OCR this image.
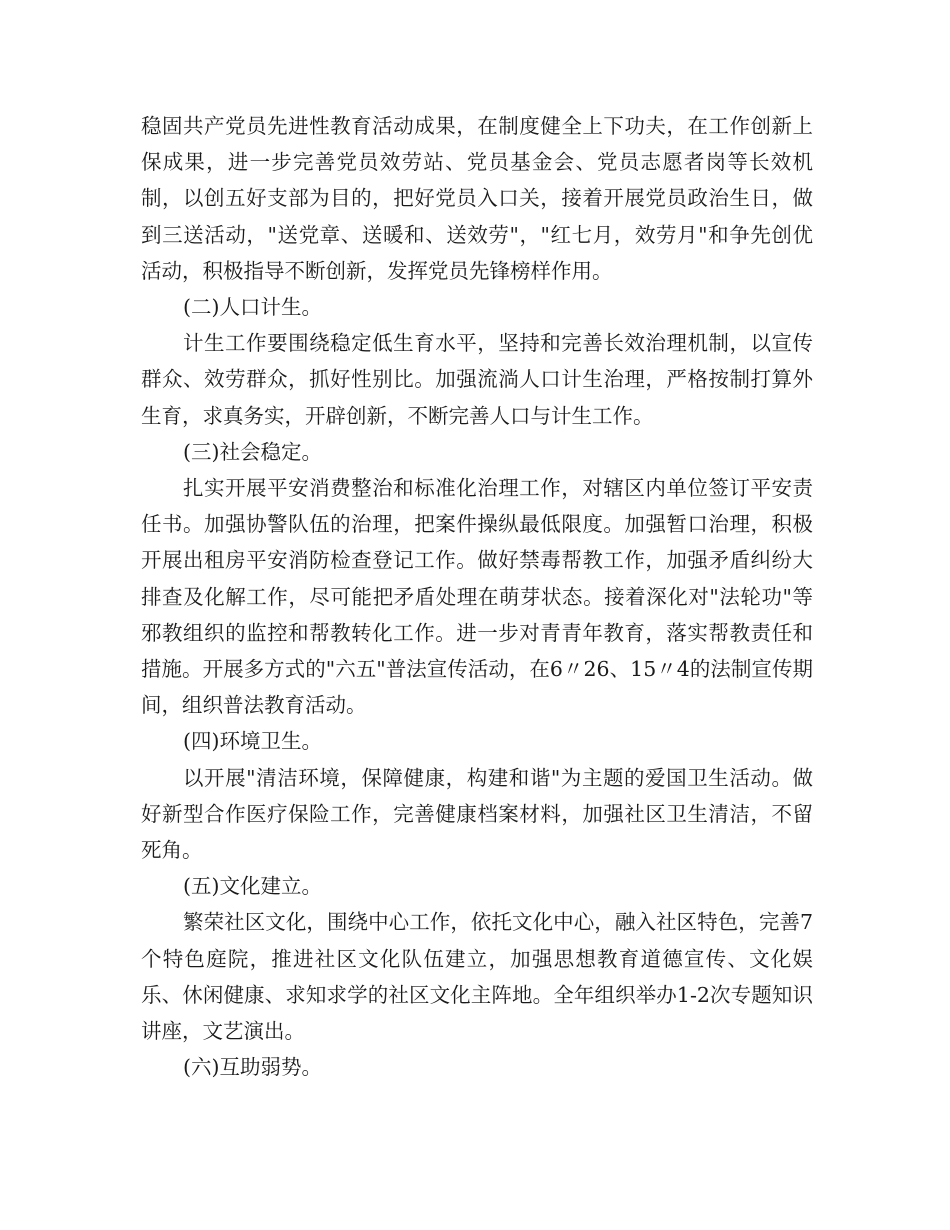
稳固共产党员先进性教育活动成果，在制度健全上下功夫，在工作创新上保成果，进一步完善党员效劳站、党员基金会、党员志愿者岗等长效机制，以创五好支部为目的，把好党员入口关，接着开展党员政治生日，做到三送活动，"送党章、送暖和、送效劳"，"红七月，效劳月"和争先创优活动，积极指导不断创新，发挥党员先锋榜样作用。

(二)人口计生。

计生工作要围绕稳定低生育水平，坚持和完善长效治理机制，以宣传群众、效劳群众，抓好性别比。加强流淌人口计生治理，严格按制打算外生育，求真务实，开辟创新，不断完善人口与计生工作。

(三)社会稳定。

扎实开展平安消费整治和标准化治理工作，对辖区内单位签订平安责任书。加强协警队伍的治理，把案件操纵最低限度。加强暂口治理，积极开展出租房平安消防检查登记工作。做好禁毒帮教工作，加强矛盾纠纷大排查及化解工作，尽可能把矛盾处理在萌芽状态。接着深化对"法轮功"等邪教组织的监控和帮教转化工作。进一步对青青年教育，落实帮教责任和措施。开展多方式的"六五"普法宣传活动，在6〃26、15〃4的法制宣传期间，组织普法教育活动。

(四)环境卫生。

以开展"清洁环境，保障健康，构建和谐"为主题的爱国卫生活动。做好新型合作医疗保险工作，完善健康档案材料，加强社区卫生清洁，不留死角。

(五)文化建立。

繁荣社区文化，围绕中心工作，依托文化中心，融入社区特色，完善7个特色庭院，推进社区文化队伍建立，加强思想教育道德宣传、文化娱乐、休闲健康、求知求学的社区文化主阵地。全年组织举办1-2次专题知识讲座，文艺演出。

(六)互助弱势。
